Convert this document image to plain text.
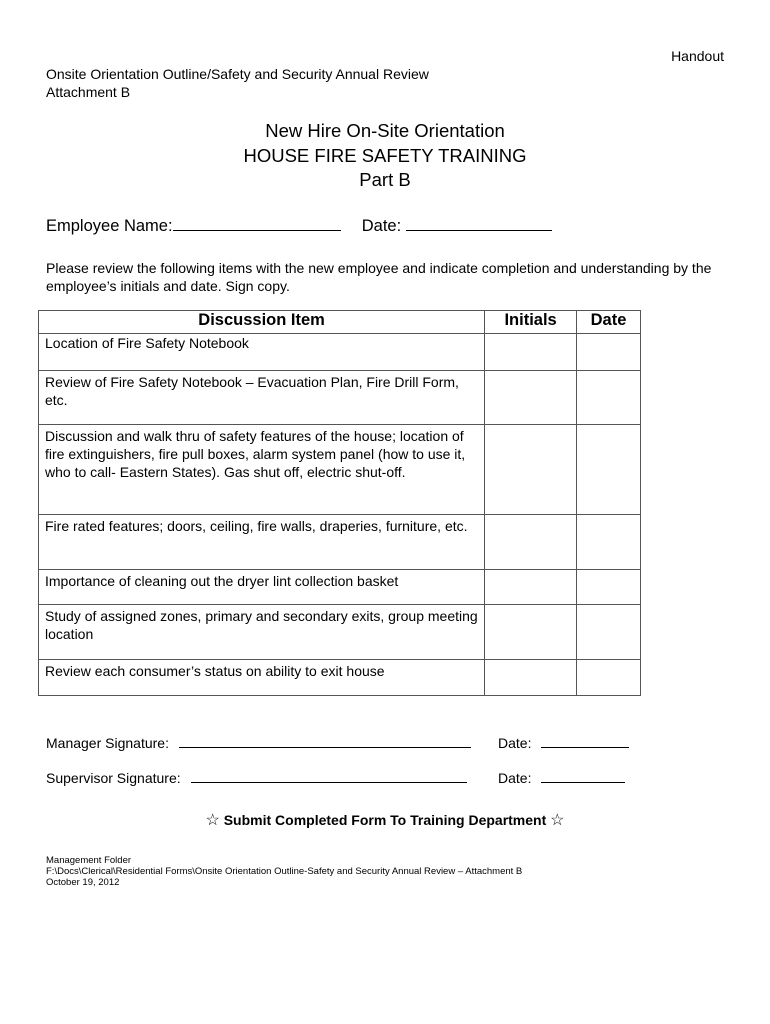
Handout
Onsite Orientation Outline/Safety and Security Annual Review
Attachment B
New Hire On-Site Orientation
HOUSE FIRE SAFETY TRAINING
Part B
Employee Name:	Date:
Please review the following items with the new employee and indicate completion and understanding by the employee’s initials and date. Sign copy.
Discussion Item	Initials	Date
Location of Fire Safety Notebook		
Review of Fire Safety Notebook – Evacuation Plan, Fire Drill Form, etc.		
Discussion and walk thru of safety features of the house; location of fire extinguishers, fire pull boxes, alarm system panel (how to use it, who to call- Eastern States). Gas shut off, electric shut-off.		
Fire rated features; doors, ceiling, fire walls, draperies, furniture, etc.		
Importance of cleaning out the dryer lint collection basket		
Study of assigned zones, primary and secondary exits, group meeting location		
Review each consumer’s status on ability to exit house		
Manager Signature:	Date:
Supervisor Signature:	Date:
☆ Submit Completed Form To Training Department ☆
Management Folder
F:\Docs\Clerical\Residential Forms\Onsite Orientation Outline-Safety and Security Annual Review – Attachment B
October 19, 2012
